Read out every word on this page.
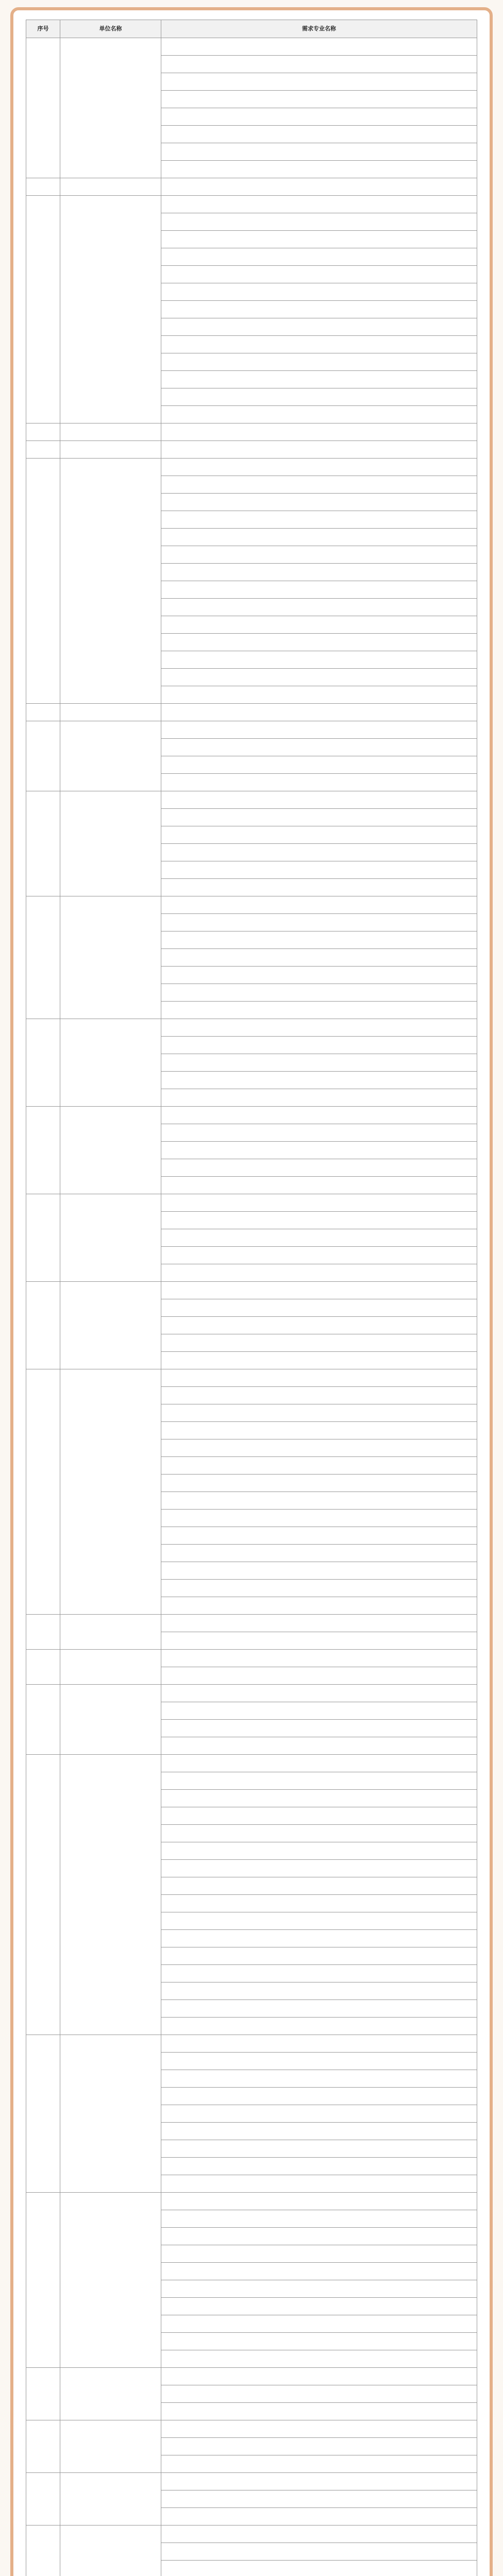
序号	单位名称	需求专业名称
